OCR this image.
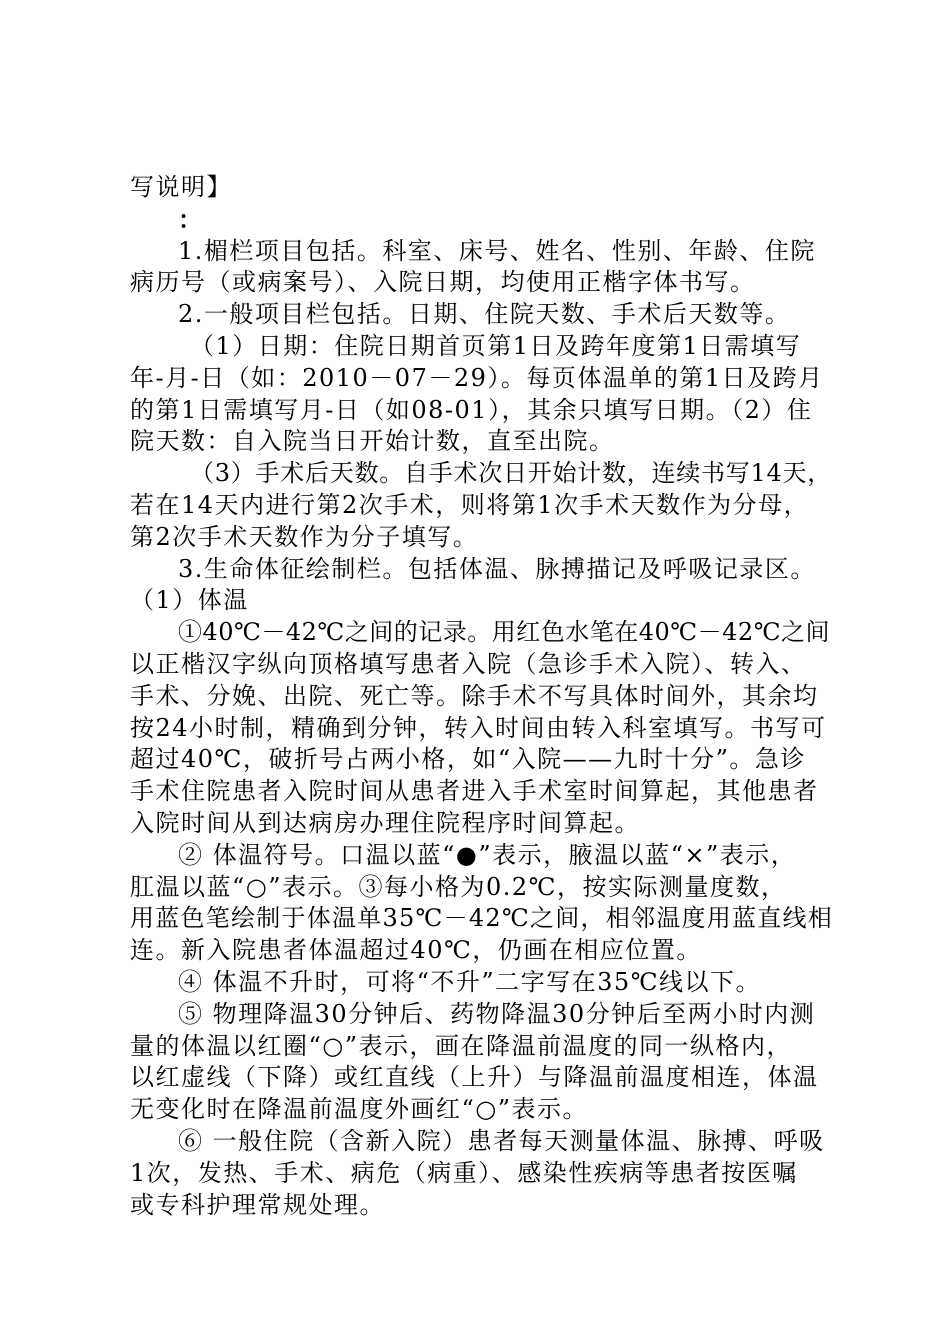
写说明】
：
1.楣栏项目包括。科室、床号、姓名、性别、年龄、住院
病历号（或病案号）、入院日期，均使用正楷字体书写。
2.一般项目栏包括。日期、住院天数、手术后天数等。
（1）日期：住院日期首页第1日及跨年度第1日需填写
年-月-日（如：2010－07－29）。每页体温单的第1日及跨月
的第1日需填写月-日（如08-01），其余只填写日期。（2）住
院天数：自入院当日开始计数，直至出院。
（3）手术后天数。自手术次日开始计数，连续书写14天，
若在14天内进行第2次手术，则将第1次手术天数作为分母，
第2次手术天数作为分子填写。
3.生命体征绘制栏。包括体温、脉搏描记及呼吸记录区。
（1）体温
①40℃－42℃之间的记录。用红色水笔在40℃－42℃之间
以正楷汉字纵向顶格填写患者入院（急诊手术入院）、转入、
手术、分娩、出院、死亡等。除手术不写具体时间外，其余均
按24小时制，精确到分钟，转入时间由转入科室填写。书写可
超过40℃，破折号占两小格，如“入院——九时十分”。急诊
手术住院患者入院时间从患者进入手术室时间算起，其他患者
入院时间从到达病房办理住院程序时间算起。
② 体温符号。口温以蓝“●”表示，腋温以蓝“×”表示，
肛温以蓝“○”表示。③每小格为0.2℃，按实际测量度数，
用蓝色笔绘制于体温单35℃－42℃之间，相邻温度用蓝直线相
连。新入院患者体温超过40℃，仍画在相应位置。
④ 体温不升时，可将“不升”二字写在35℃线以下。
⑤ 物理降温30分钟后、药物降温30分钟后至两小时内测
量的体温以红圈“○”表示，画在降温前温度的同一纵格内，
以红虚线（下降）或红直线（上升）与降温前温度相连，体温
无变化时在降温前温度外画红“○”表示。
⑥ 一般住院（含新入院）患者每天测量体温、脉搏、呼吸
1次，发热、手术、病危（病重）、感染性疾病等患者按医嘱
或专科护理常规处理。
